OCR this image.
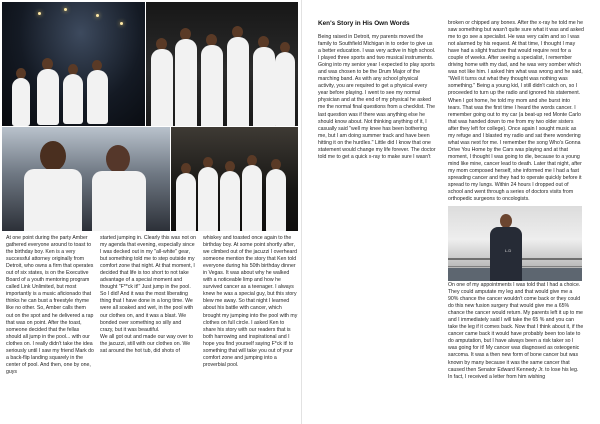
At one point during the party Amber gathered everyone around to toast to the birthday boy. Ken is a very successful attorney originally from Detroit, who owns a firm that operates out of six states, is on the Executive Board of a youth mentoring program called Link Unlimited, but most importantly is a music aficionado that thinks he can bust a freestyle rhyme like no other. So, Amber calls them out on the spot and he delivered a rap that was on point. After the toast, someone decided that the fellas should all jump in the pool... with our clothes on. I really didn't take the idea seriously until I saw my friend Mark do a back-flip landing squarely in the center of pool. And then, one by one, guys

started jumping in. Clearly this was not on my agenda that evening, especially since I was decked out in my "all-white" gear, but something told me to step outside my comfort zone that night. At that moment, I decided that life is too short to not take advantage of a special moment and thought "F**ck it!" Just jump in the pool. So I did! And it was the most liberating thing that I have done in a long time. We were all soaked and wet, in the pool with our clothes on, and it was a blast. We bonded over something so silly and crazy, but it was beautiful.
We all got out and made our way over to the jacuzzi, still with our clothes on. We sat around the hot tub, did shots of

whiskey and toasted once again to the birthday boy. At some point shortly after, we climbed out of the jacuzzi I overheard someone mention the story that Ken told everyone during his 50th birthday dinner in Vegas. It was about why he walked with a noticeable limp and how he survived cancer as a teenager. I always knew he was a special guy, but this story blew me away. So that night I learned about his battle with cancer, which brought my jumping into the pool with my clothes on full circle. I asked Ken to share his story with our readers that is both harrowing and inspirational and I hope you find yourself saying F*ck it! to something that will take you out of your comfort zone and jumping into a proverbial pool.

Ken's Story in His Own Words

Being raised in Detroit, my parents moved the family to Southfield Michigan in to order to give us a better education. I was very active in high school. I played three sports and two musical instruments. Going into my senior year I expected to play sports and was chosen to be the Drum Major of the marching band. As with any school physical activity, you are required to get a physical every year before playing. I went to see my normal physician and at the end of my physical he asked me the normal final questions from a checklist. The last question was if there was anything else he should know about. Not thinking anything of it, I casually said "well my knee has been bothering me, but I am doing summer track and have been hitting it on the hurdles." Little did I know that one statement would change my life forever. The doctor told me to get a quick x-ray to make sure I wasn't

broken or chipped any bones. After the x-ray he told me he saw something but wasn't quite sure what it was and asked me to go see a specialist. He was very calm and so I was not alarmed by his request. At that time, I thought I may have had a slight fracture that would require rest for a couple of weeks. After seeing a specialist, I remember driving home with my dad, and he was very somber which was not like him. I asked him what was wrong and he said, "Well it turns out what they thought was nothing was something." Being a young kid, I still didn't catch on, so I proceeded to turn up the radio and ignored his statement. When I got home, he told my mom and she burst into tears. That was the first time I heard the words cancer. I remember going out to my car (a beat-up red Monte Carlo that was handed down to me from my two older sisters after they left for college). Once again I sought music as my refuge and I blasted my radio and sat there wondering what was next for me. I remember the song Who's Gonna Drive You Home by the Cars was playing and at that moment, I thought I was going to die, because to a young mind like mine, cancer lead to death. Later that night, after my mom composed herself, she informed me I had a fast spreading cancer and they had to operate quickly before it spread to my lungs. Within 24 hours I dropped out of school and went through a series of doctors visits from orthopedic surgeons to oncologists.

L.D

On one of my appointments I was told that I had a choice. They could amputate my leg and that would give me a 90% chance the cancer wouldn't come back or they could do this new fusion surgery that would give me a 65% chance the cancer would return. My parents left it up to me and I immediately said I will take the 65 % and you can take the leg if it comes back. Now that I think about it, if the cancer came back it would have probably been too late to do amputation, but I have always been a risk taker so I was going for it! My cancer was diagnosed as osteogenic sarcoma. It was a then new form of bone cancer but was known by many because it was the same cancer that caused then Senator Edward Kennedy Jr. to lose his leg. In fact, I received a letter from him wishing
